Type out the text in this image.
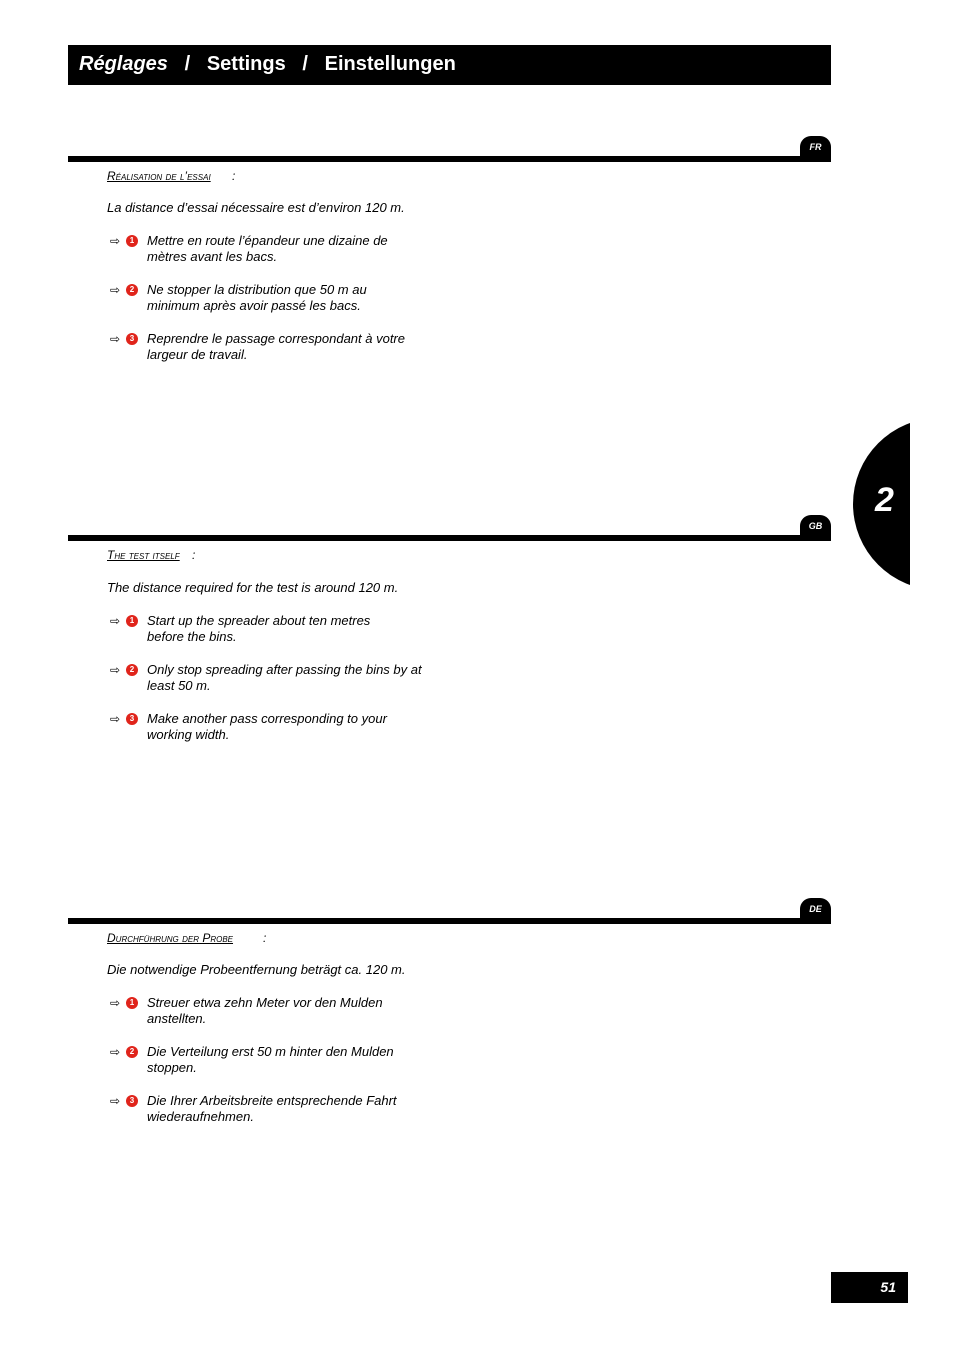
Réglages / Settings / Einstellungen
FR
Réalisation de l’essai :
La distance d’essai nécessaire est d’environ 120 m.
⇨	1 Mettre en route l’épandeur une dizaine de mètres avant les bacs.
⇨	2 Ne stopper la distribution que 50 m au minimum après avoir passé les bacs.
⇨	3 Reprendre le passage correspondant à votre largeur de travail.
GB
The test itself :
The distance required for the test is around 120 m.
⇨	1 Start up the spreader about ten metres before the bins.
⇨	2 Only stop spreading after passing the bins by at least 50 m.
⇨	3 Make another pass corresponding to your working width.
DE
Durchführung der Probe :
Die notwendige Probeentfernung beträgt ca. 120 m.
⇨	1 Streuer etwa zehn Meter vor den Mulden anstellten.
⇨	2 Die Verteilung erst 50 m hinter den Mulden stoppen.
⇨	3 Die Ihrer Arbeitsbreite entsprechende Fahrt wiederaufnehmen.
2
51
